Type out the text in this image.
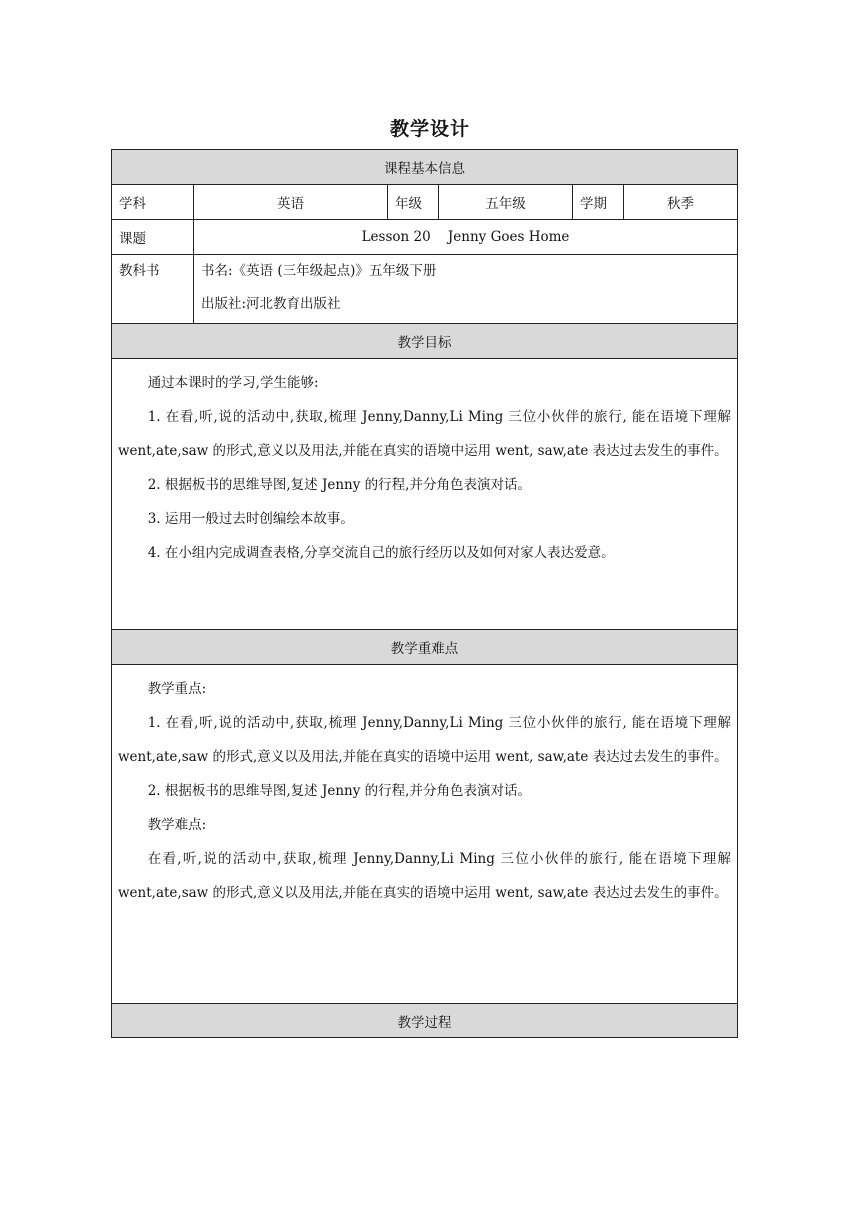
教学设计
课程基本信息					
学科	英语	年级	五年级	学期	秋季
课题	Lesson 20    Jenny Goes Home				

教科书	书名:《英语 (三年级起点)》五年级下册
出版社:河北教育出版社				

教学目标					

通过本课时的学习,学生能够:

1. 在看,听,说的活动中,获取,梳理 Jenny,Danny,Li Ming 三位小伙伴的旅行, 能在语境下理解 went,ate,saw 的形式,意义以及用法,并能在真实的语境中运用 went, saw,ate 表达过去发生的事件。

2. 根据板书的思维导图,复述 Jenny 的行程,并分角色表演对话。

3. 运用一般过去时创编绘本故事。

4. 在小组内完成调查表格,分享交流自己的旅行经历以及如何对家人表达爱意。					

教学重难点					

教学重点:

1. 在看,听,说的活动中,获取,梳理 Jenny,Danny,Li Ming 三位小伙伴的旅行, 能在语境下理解 went,ate,saw 的形式,意义以及用法,并能在真实的语境中运用 went, saw,ate 表达过去发生的事件。

2. 根据板书的思维导图,复述 Jenny 的行程,并分角色表演对话。

教学难点:

在看,听,说的活动中,获取,梳理 Jenny,Danny,Li Ming 三位小伙伴的旅行, 能在语境下理解 went,ate,saw 的形式,意义以及用法,并能在真实的语境中运用 went, saw,ate 表达过去发生的事件。					

教学过程					
